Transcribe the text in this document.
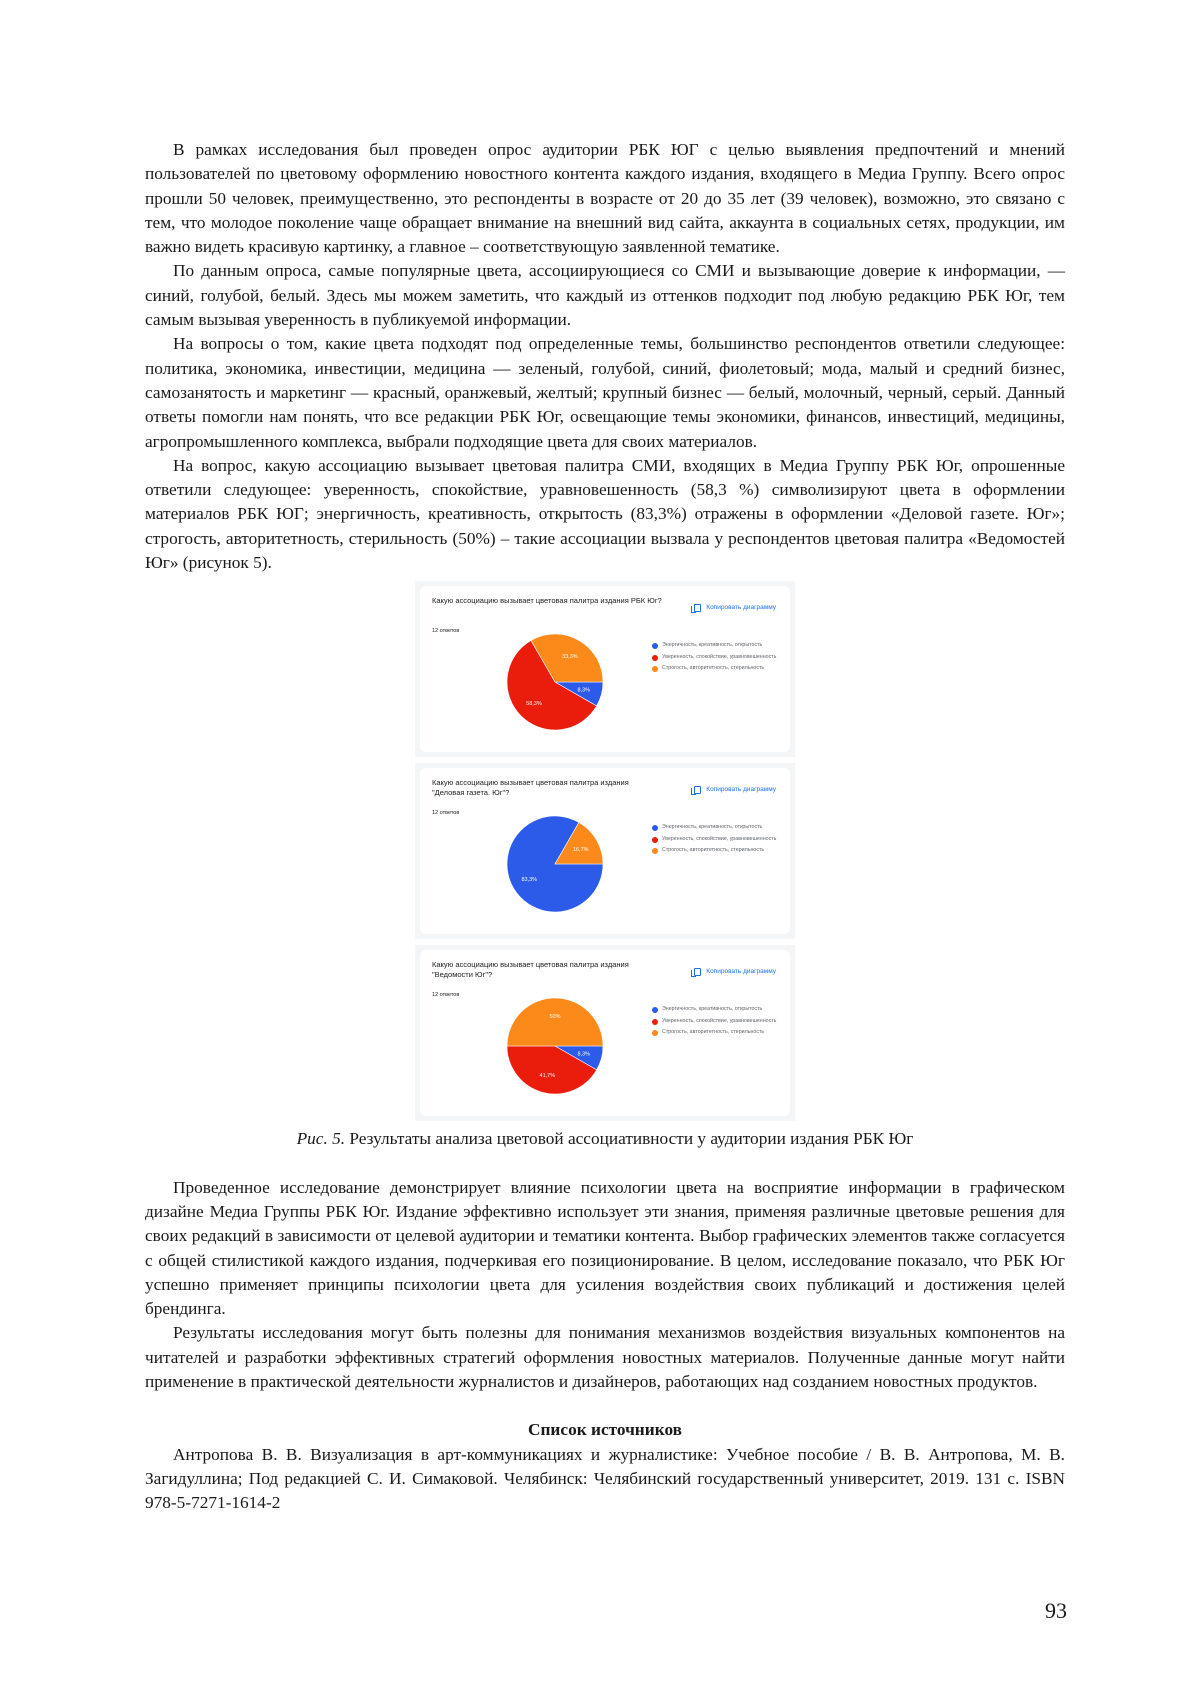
В рамках исследования был проведен опрос аудитории РБК ЮГ с целью выявления предпочтений и мнений пользователей по цветовому оформлению новостного контента каждого издания, входящего в Медиа Группу. Всего опрос прошли 50 человек, преимущественно, это респонденты в возрасте от 20 до 35 лет (39 человек), возможно, это связано с тем, что молодое поколение чаще обращает внимание на внешний вид сайта, аккаунта в социальных сетях, продукции, им важно видеть красивую картинку, а главное – соответствующую заявленной тематике.

По данным опроса, самые популярные цвета, ассоциирующиеся со СМИ и вызывающие доверие к информации, — синий, голубой, белый. Здесь мы можем заметить, что каждый из оттенков подходит под любую редакцию РБК Юг, тем самым вызывая уверенность в публикуемой информации.

На вопросы о том, какие цвета подходят под определенные темы, большинство респондентов ответили следующее: политика, экономика, инвестиции, медицина — зеленый, голубой, синий, фиолетовый; мода, малый и средний бизнес, самозанятость и маркетинг — красный, оранжевый, желтый; крупный бизнес — белый, молочный, черный, серый. Данный ответы помогли нам понять, что все редакции РБК Юг, освещающие темы экономики, финансов, инвестиций, медицины, агропромышленного комплекса, выбрали подходящие цвета для своих материалов.

На вопрос, какую ассоциацию вызывает цветовая палитра СМИ, входящих в Медиа Группу РБК Юг, опрошенные ответили следующее: уверенность, спокойствие, уравновешенность (58,3 %) символизируют цвета в оформлении материалов РБК ЮГ; энергичность, креативность, открытость (83,3%) отражены в оформлении «Деловой газете. Юг»; строгость, авторитетность, стерильность (50%) – такие ассоциации вызвала у респондентов цветовая палитра «Ведомостей Юг» (рисунок 5).

Какую ассоциацию вызывает цветовая палитра издания РБК Юг?
12 ответов
Копировать диаграмму
8,3%
58,3%
33,3%
Энергичность, креативность, открытость
Уверенность, спокойствие, уравновешенность
Строгость, авторитетность, стерильность
Какую ассоциацию вызывает цветовая палитра издания "Деловая газета. Юг"?
12 ответов
Копировать диаграмму
83,3%
16,7%
Энергичность, креативность, открытость
Уверенность, спокойствие, уравновешенность
Строгость, авторитетность, стерильность
Какую ассоциацию вызывает цветовая палитра издания "Ведомости Юг"?
12 ответов
Копировать диаграмму
8,3%
41,7%
50%
Энергичность, креативность, открытость
Уверенность, спокойствие, уравновешенность
Строгость, авторитетность, стерильность

Рис. 5. Результаты анализа цветовой ассоциативности у аудитории издания РБК Юг

Проведенное исследование демонстрирует влияние психологии цвета на восприятие информации в графическом дизайне Медиа Группы РБК Юг. Издание эффективно использует эти знания, применяя различные цветовые решения для своих редакций в зависимости от целевой аудитории и тематики контента. Выбор графических элементов также согласуется с общей стилистикой каждого издания, подчеркивая его позиционирование. В целом, исследование показало, что РБК Юг успешно применяет принципы психологии цвета для усиления воздействия своих публикаций и достижения целей брендинга.

Результаты исследования могут быть полезны для понимания механизмов воздействия визуальных компонентов на читателей и разработки эффективных стратегий оформления новостных материалов. Полученные данные могут найти применение в практической деятельности журналистов и дизайнеров, работающих над созданием новостных продуктов.

Список источников

Антропова В. В. Визуализация в арт-коммуникациях и журналистике: Учебное пособие / В. В. Антропова, М. В. Загидуллина; Под редакцией С. И. Симаковой. Челябинск: Челябинский государственный университет, 2019. 131 с. ISBN 978-5-7271-1614-2

93
